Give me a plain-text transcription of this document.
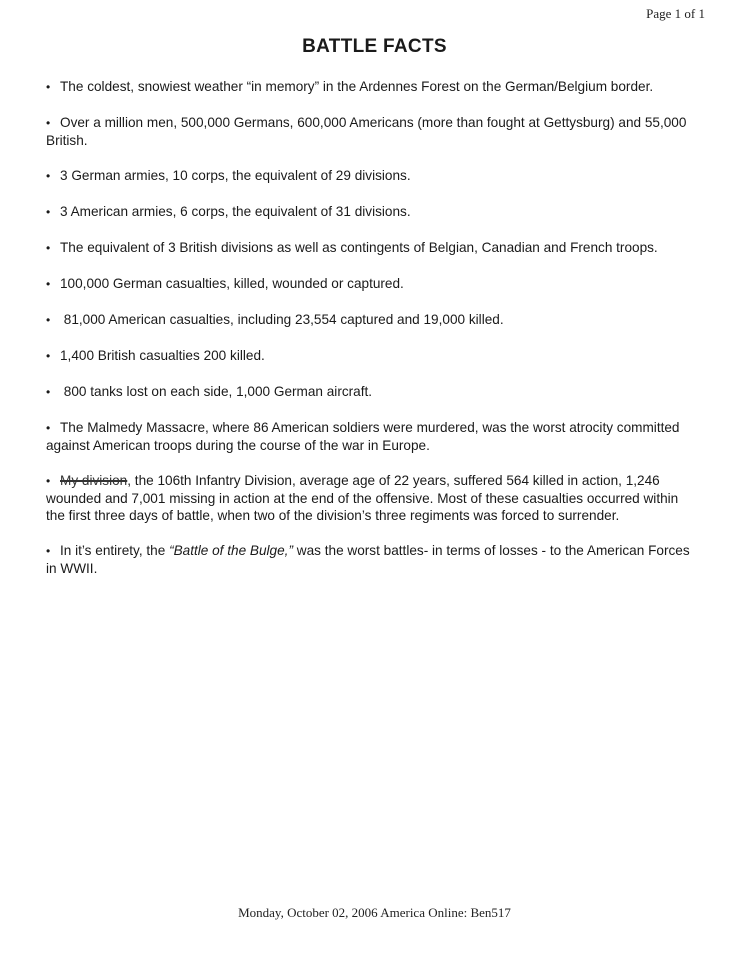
Page 1 of 1
BATTLE FACTS
• The coldest, snowiest weather “in memory” in the Ardennes Forest on the German/Belgium border.
• Over a million men, 500,000 Germans, 600,000 Americans (more than fought at Gettysburg) and 55,000 British.
• 3 German armies, 10 corps, the equivalent of 29 divisions.
• 3 American armies, 6 corps, the equivalent of 31 divisions.
• The equivalent of 3 British divisions as well as contingents of Belgian, Canadian and French troops.
• 100,000 German casualties, killed, wounded or captured.
• 81,000 American casualties, including 23,554 captured and 19,000 killed.
• 1,400 British casualties 200 killed.
• 800 tanks lost on each side, 1,000 German aircraft.
• The Malmedy Massacre, where 86 American soldiers were murdered, was the worst atrocity committed against American troops during the course of the war in Europe.
• My division, the 106th Infantry Division, average age of 22 years, suffered 564 killed in action, 1,246 wounded and 7,001 missing in action at the end of the offensive. Most of these casualties occurred within the first three days of battle, when two of the division’s three regiments was forced to surrender.
• In it’s entirety, the “Battle of the Bulge,” was the worst battles- in terms of losses - to the American Forces in WWII.
Monday, October 02, 2006 America Online: Ben517
